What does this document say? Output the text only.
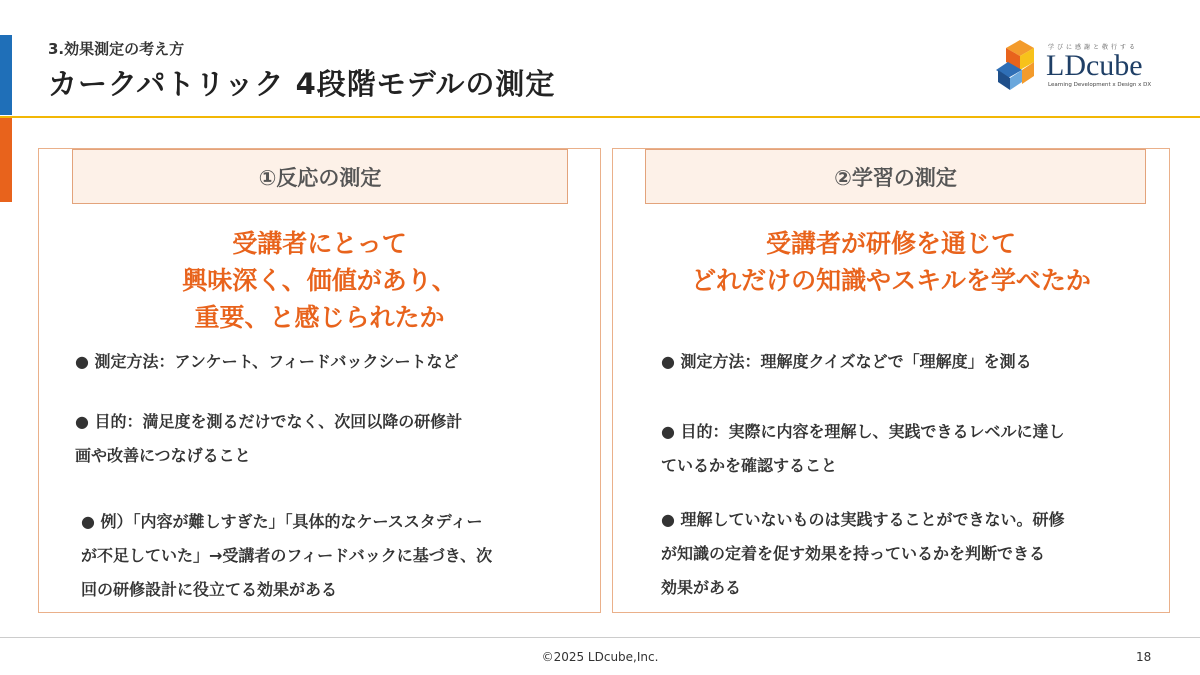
3.効果測定の考え方
カークパトリック 4段階モデルの測定
学びに感謝と敬行する
LDcube
Learning Development x Design x DX
①反応の測定
受講者にとって
興味深く、価値があり、
重要、と感じられたか
● 測定方法：アンケート、フィードバックシートなど
● 目的：満足度を測るだけでなく、次回以降の研修計
画や改善につなげること
● 例）「内容が難しすぎた」「具体的なケーススタディー
が不足していた」→受講者のフィードバックに基づき、次
回の研修設計に役立てる効果がある
②学習の測定
受講者が研修を通じて
どれだけの知識やスキルを学べたか
● 測定方法：理解度クイズなどで「理解度」を測る
● 目的：実際に内容を理解し、実践できるレベルに達し
ているかを確認すること
● 理解していないものは実践することができない。研修
が知識の定着を促す効果を持っているかを判断できる
効果がある
©2025 LDcube,Inc.	18
